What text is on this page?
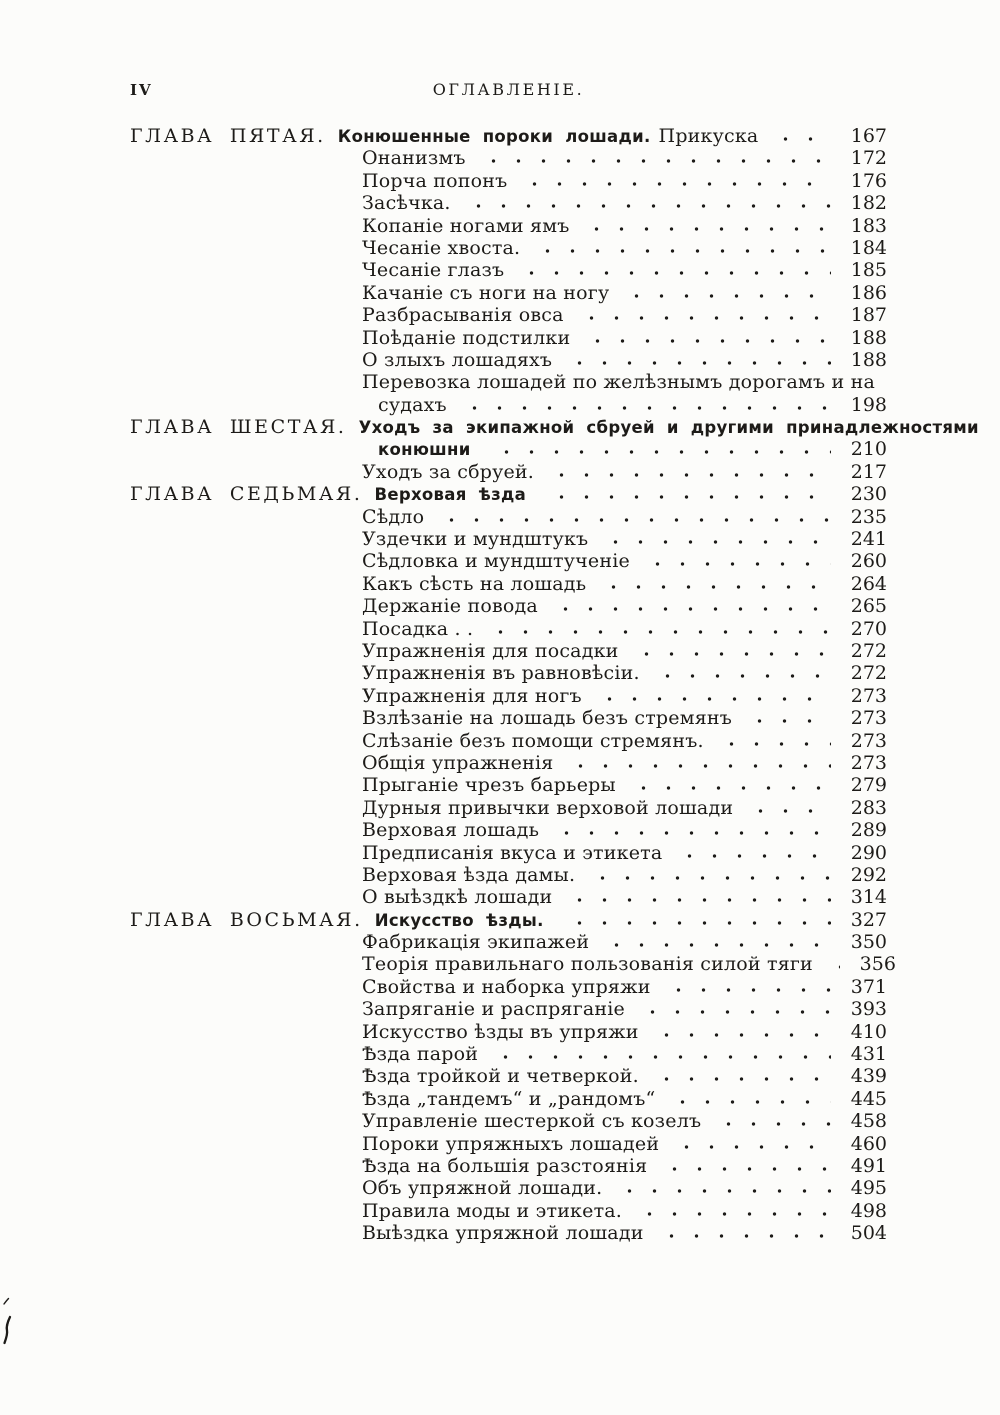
IV	ОГЛАВЛЕНІЕ.
ГЛАВА ПЯТАЯ. Конюшенные пороки лошади. Прикуска	167
Онанизмъ	172
Порча попонъ	176
Засѣчка.	182
Копаніе ногами ямъ	183
Чесаніе хвоста.	184
Чесаніе глазъ	185
Качаніе съ ноги на ногу	186
Разбрасыванія овса	187
Поѣданіе подстилки	188
О злыхъ лошадяхъ	188
Перевозка лошадей по желѣзнымъ дорогамъ и на
судахъ	198
ГЛАВА ШЕСТАЯ. Уходъ за экипажной сбруей и другими принадлежностями
конюшни	210
Уходъ за сбруей.	217
ГЛАВА СЕДЬМАЯ. Верховая ѣзда	230
Сѣдло	235
Уздечки и мундштукъ	241
Сѣдловка и мундштученіе	260
Какъ сѣсть на лошадь	264
Держаніе повода	265
Посадка . .	270
Упражненія для посадки	272
Упражненія въ равновѣсіи.	272
Упражненія для ногъ	273
Взлѣзаніе на лошадь безъ стремянъ	273
Слѣзаніе безъ помощи стремянъ.	273
Общія упражненія	273
Прыганіе чрезъ барьеры	279
Дурныя привычки верховой лошади	283
Верховая лошадь	289
Предписанія вкуса и этикета	290
Верховая ѣзда дамы.	292
О выѣздкѣ лошади	314
ГЛАВА ВОСЬМАЯ. Искусство ѣзды.	327
Фабрикація экипажей	350
Теорія правильнаго пользованія силой тяги	356
Свойства и наборка упряжи	371
Запряганіе и распряганіе	393
Искусство ѣзды въ упряжи	410
Ѣзда парой	431
Ѣзда тройкой и четверкой.	439
Ѣзда „тандемъ“ и „рандомъ“	445
Управленіе шестеркой съ козелъ	458
Пороки упряжныхъ лошадей	460
Ѣзда на большія разстоянія	491
Объ упряжной лошади.	495
Правила моды и этикета.	498
Выѣздка упряжной лошади	504
